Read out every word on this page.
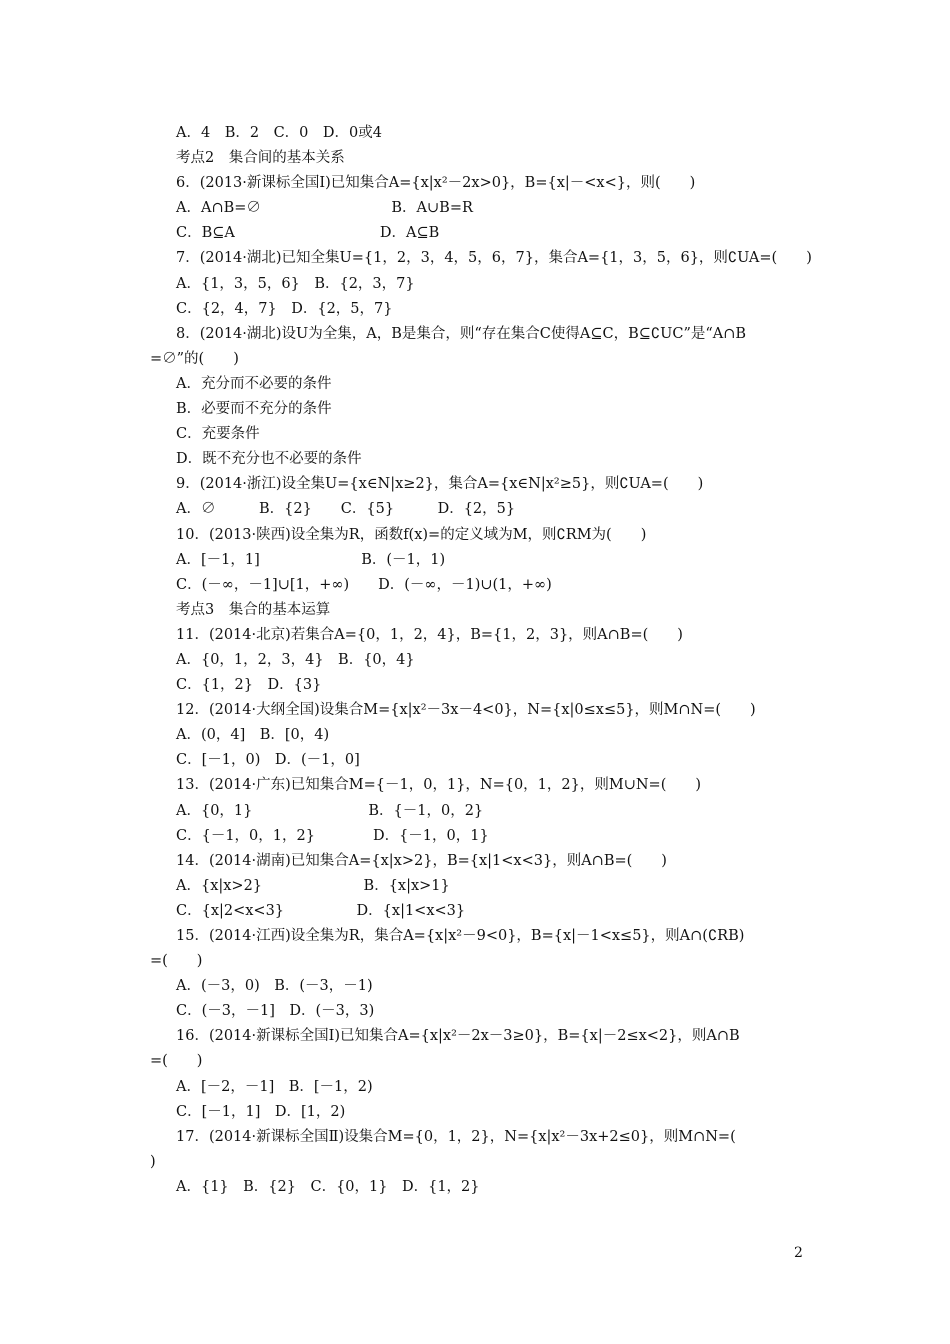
A．4　B．2　C．0　D．0或4
考点2　集合间的基本关系
6．(2013·新课标全国Ⅰ)已知集合A={x|x²－2x>0}，B={x|－<x<}，则(　　)
A．A∩B=∅　　　　　　　　　B．A∪B=R
C．B⊆A　　　　　　　　　　D．A⊆B
7．(2014·湖北)已知全集U={1，2，3，4，5，6，7}，集合A={1，3，5，6}，则∁UA=(　　)
A．{1，3，5，6}　B．{2，3，7}
C．{2，4，7}　D．{2，5，7}
8．(2014·湖北)设U为全集，A，B是集合，则“存在集合C使得A⊆C，B⊆∁UC”是“A∩B
=∅”的(　　)
A．充分而不必要的条件
B．必要而不充分的条件
C．充要条件
D．既不充分也不必要的条件
9．(2014·浙江)设全集U={x∈N|x≥2}，集合A={x∈N|x²≥5}，则∁UA=(　　)
A．∅　　　B．{2}　　C．{5}　　　D．{2，5}
10．(2013·陕西)设全集为R，函数f(x)=的定义域为M，则∁RM为(　　)
A．[－1，1]　　　　　　　B．(－1，1)
C．(－∞，－1]∪[1，+∞)　　D．(－∞，－1)∪(1，+∞)
考点3　集合的基本运算
11．(2014·北京)若集合A={0，1，2，4}，B={1，2，3}，则A∩B=(　　)
A．{0，1，2，3，4}　B．{0，4}
C．{1，2}　D．{3}
12．(2014·大纲全国)设集合M={x|x²－3x－4<0}，N={x|0≤x≤5}，则M∩N=(　　)
A．(0，4]　B．[0，4)
C．[－1，0)　D．(－1，0]
13．(2014·广东)已知集合M={－1，0，1}，N={0，1，2}，则M∪N=(　　)
A．{0，1}　　　　　　　　B．{－1，0，2}
C．{－1，0，1，2}　　　　D．{－1，0，1}
14．(2014·湖南)已知集合A={x|x>2}，B={x|1<x<3}，则A∩B=(　　)
A．{x|x>2}　　　　　　　B．{x|x>1}
C．{x|2<x<3}　　　　　D．{x|1<x<3}
15．(2014·江西)设全集为R，集合A={x|x²－9<0}，B={x|－1<x≤5}，则A∩(∁RB)
=(　　)
A．(－3，0)　B．(－3，－1)
C．(－3，－1]　D．(－3，3)
16．(2014·新课标全国Ⅰ)已知集合A={x|x²－2x－3≥0}，B={x|－2≤x<2}，则A∩B
=(　　)
A．[－2，－1]　B．[－1，2)
C．[－1，1]　D．[1，2)
17．(2014·新课标全国Ⅱ)设集合M={0，1，2}，N={x|x²－3x+2≤0}，则M∩N=(
)
A．{1}　B．{2}　C．{0，1}　D．{1，2}
2
